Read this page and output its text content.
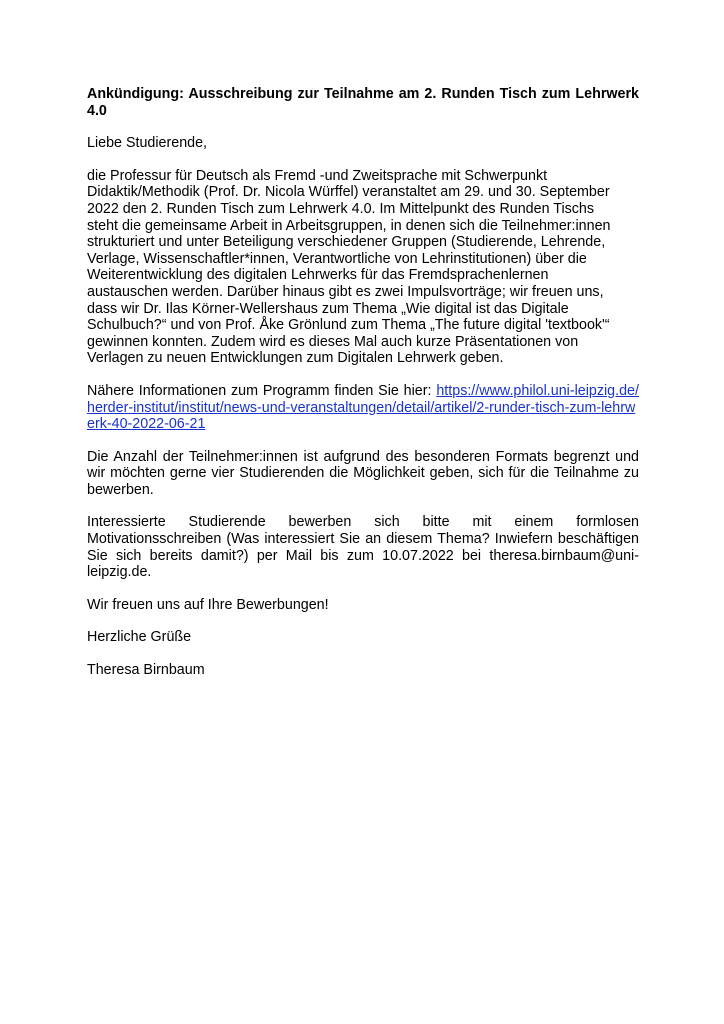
Ankündigung: Ausschreibung zur Teilnahme am 2. Runden Tisch zum Lehrwerk 4.0

Liebe Studierende,

die Professur für Deutsch als Fremd -und Zweitsprache mit Schwerpunkt
Didaktik/Methodik (Prof. Dr. Nicola Würffel) veranstaltet am 29. und 30. September
2022 den 2. Runden Tisch zum Lehrwerk 4.0. Im Mittelpunkt des Runden Tischs
steht die gemeinsame Arbeit in Arbeitsgruppen, in denen sich die Teilnehmer:innen
strukturiert und unter Beteiligung verschiedener Gruppen (Studierende, Lehrende,
Verlage, Wissenschaftler*innen, Verantwortliche von Lehrinstitutionen) über die
Weiterentwicklung des digitalen Lehrwerks für das Fremdsprachenlernen
austauschen werden. Darüber hinaus gibt es zwei Impulsvorträge; wir freuen uns,
dass wir Dr. Ilas Körner-Wellershaus zum Thema „Wie digital ist das Digitale
Schulbuch?“ und von Prof. Åke Grönlund zum Thema „The future digital 'textbook'“
gewinnen konnten. Zudem wird es dieses Mal auch kurze Präsentationen von
Verlagen zu neuen Entwicklungen zum Digitalen Lehrwerk geben.

Nähere Informationen zum Programm finden Sie hier: https://www.philol.uni-leipzig.de/herder-institut/institut/news-und-veranstaltungen/detail/artikel/2-runder-tisch-zum-lehrwerk-40-2022-06-21

Die Anzahl der Teilnehmer:innen ist aufgrund des besonderen Formats begrenzt und wir möchten gerne vier Studierenden die Möglichkeit geben, sich für die Teilnahme zu bewerben.

Interessierte Studierende bewerben sich bitte mit einem formlosen Motivationsschreiben (Was interessiert Sie an diesem Thema? Inwiefern beschäftigen Sie sich bereits damit?) per Mail bis zum 10.07.2022 bei theresa.birnbaum@uni-leipzig.de.

Wir freuen uns auf Ihre Bewerbungen!

Herzliche Grüße

Theresa Birnbaum
